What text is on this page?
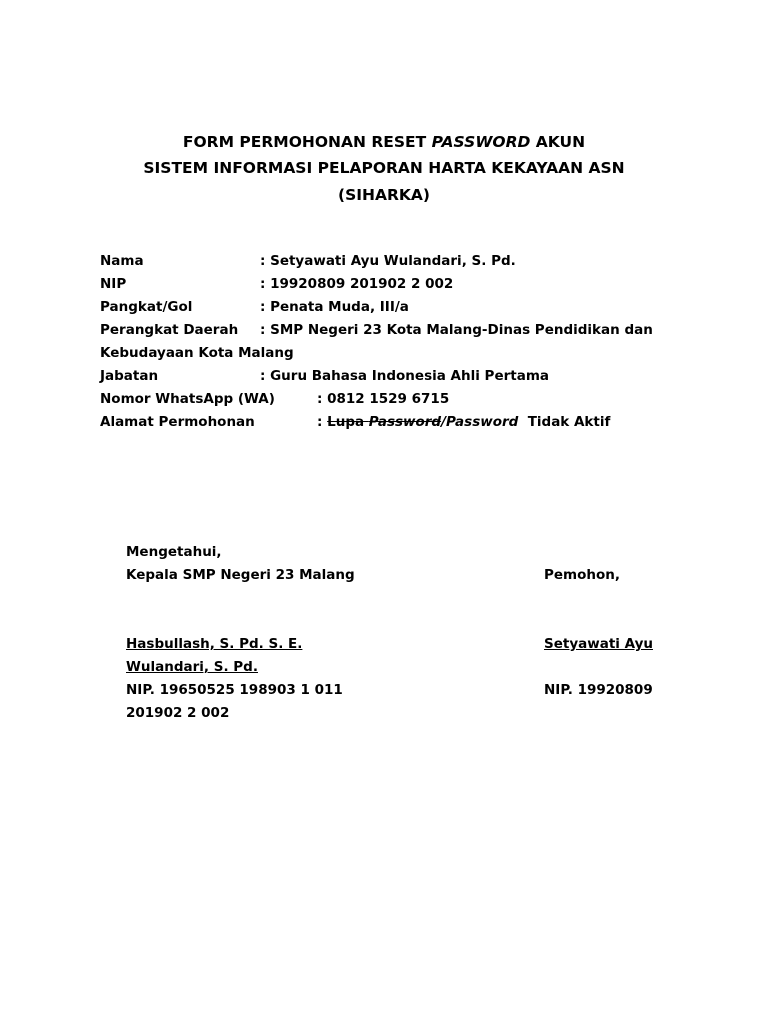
FORM PERMOHONAN RESET PASSWORD AKUN
SISTEM INFORMASI PELAPORAN HARTA KEKAYAAN ASN
(SIHARKA)
Nama	: Setyawati Ayu Wulandari, S. Pd.
NIP	: 19920809 201902 2 002
Pangkat/Gol	: Penata Muda, III/a
Perangkat Daerah : SMP Negeri 23 Kota Malang-Dinas Pendidikan dan
Kebudayaan Kota Malang
Jabatan	: Guru Bahasa Indonesia Ahli Pertama
Nomor WhatsApp (WA)	: 0812 1529 6715
Alamat Permohonan	: Lupa Password/Password  Tidak Aktif
Mengetahui,
Kepala SMP Negeri 23 Malang	Pemohon,
Hasbullash, S. Pd. S. E.	Setyawati Ayu
Wulandari, S. Pd.
NIP. 19650525 198903 1 011	NIP. 19920809
201902 2 002
